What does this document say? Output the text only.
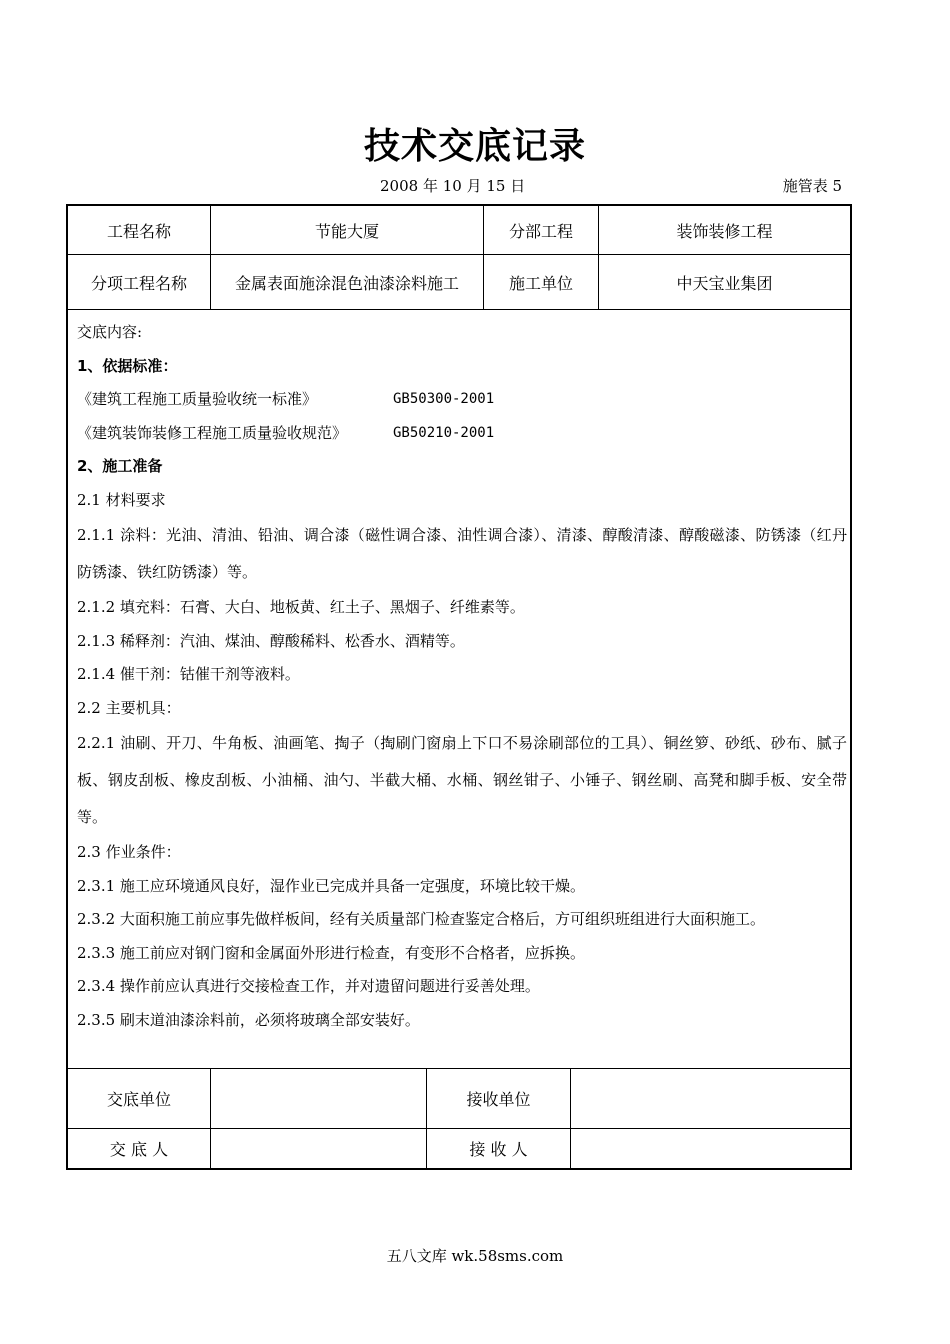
技术交底记录
2008 年 10 月 15 日	施管表 5
工程名称	节能大厦	分部工程	装饰装修工程
分项工程名称	金属表面施涂混色油漆涂料施工	施工单位	中天宝业集团

交底内容:

1、依据标准：

《建筑工程施工质量验收统一标准》	GB50300-2001
《建筑装饰装修工程施工质量验收规范》	GB50210-2001

2、施工准备

2.1 材料要求

2.1.1 涂料：光油、清油、铅油、调合漆（磁性调合漆、油性调合漆）、清漆、醇酸清漆、醇酸磁漆、防锈漆（红丹防锈漆、铁红防锈漆）等。

2.1.2 填充料：石膏、大白、地板黄、红土子、黑烟子、纤维素等。

2.1.3 稀释剂：汽油、煤油、醇酸稀料、松香水、酒精等。

2.1.4 催干剂：钴催干剂等液料。

2.2 主要机具：

2.2.1 油刷、开刀、牛角板、油画笔、掏子（掏刷门窗扇上下口不易涂刷部位的工具）、铜丝箩、砂纸、砂布、腻子板、钢皮刮板、橡皮刮板、小油桶、油勺、半截大桶、水桶、钢丝钳子、小锤子、钢丝刷、高凳和脚手板、安全带等。

2.3 作业条件：

2.3.1 施工应环境通风良好，湿作业已完成并具备一定强度，环境比较干燥。

2.3.2 大面积施工前应事先做样板间，经有关质量部门检查鉴定合格后，方可组织班组进行大面积施工。

2.3.3 施工前应对钢门窗和金属面外形进行检查，有变形不合格者，应拆换。

2.3.4 操作前应认真进行交接检查工作，并对遗留问题进行妥善处理。

2.3.5 刷末道油漆涂料前，必须将玻璃全部安装好。

交底单位	接收单位
交 底 人	接 收 人
五八文库 wk.58sms.com
